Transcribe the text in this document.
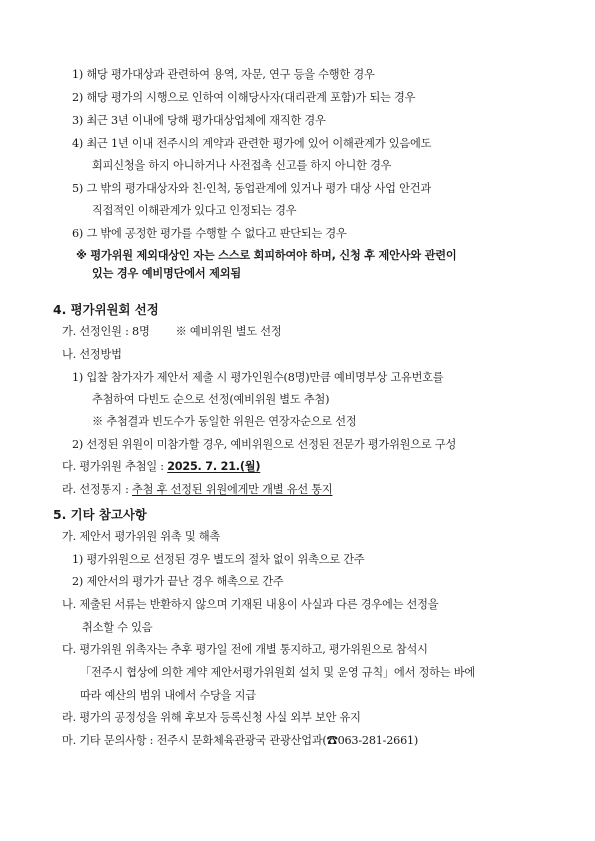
1) 해당 평가대상과 관련하여 용역, 자문, 연구 등을 수행한 경우
2) 해당 평가의 시행으로 인하여 이해당사자(대리관계 포함)가 되는 경우
3) 최근 3년 이내에 당해 평가대상업체에 재직한 경우
4) 최근 1년 이내 전주시의 계약과 관련한 평가에 있어 이해관계가 있음에도
회피신청을 하지 아니하거나 사전접촉 신고를 하지 아니한 경우
5) 그 밖의 평가대상자와 친·인척, 동업관계에 있거나 평가 대상 사업 안건과
직접적인 이해관계가 있다고 인정되는 경우
6) 그 밖에 공정한 평가를 수행할 수 없다고 판단되는 경우
※ 평가위원 제외대상인 자는 스스로 회피하여야 하며, 신청 후 제안사와 관련이
있는 경우 예비명단에서 제외됨
4. 평가위원회 선정
가. 선정인원 : 8명 ※ 예비위원 별도 선정
나. 선정방법
1) 입찰 참가자가 제안서 제출 시 평가인원수(8명)만큼 예비명부상 고유번호를
추첨하여 다빈도 순으로 선정(예비위원 별도 추첨)
※ 추첨결과 빈도수가 동일한 위원은 연장자순으로 선정
2) 선정된 위원이 미참가할 경우, 예비위원으로 선정된 전문가 평가위원으로 구성
다. 평가위원 추첨일 : 2025. 7. 21.(월)
라. 선정통지 : 추첨 후 선정된 위원에게만 개별 유선 통지
5. 기타 참고사항
가. 제안서 평가위원 위촉 및 해촉
1) 평가위원으로 선정된 경우 별도의 절차 없이 위촉으로 간주
2) 제안서의 평가가 끝난 경우 해촉으로 간주
나. 제출된 서류는 반환하지 않으며 기재된 내용이 사실과 다른 경우에는 선정을
취소할 수 있음
다. 평가위원 위촉자는 추후 평가일 전에 개별 통지하고, 평가위원으로 참석시
「전주시 협상에 의한 계약 제안서평가위원회 설치 및 운영 규칙」에서 정하는 바에
따라 예산의 범위 내에서 수당을 지급
라. 평가의 공정성을 위해 후보자 등록신청 사실 외부 보안 유지
마. 기타 문의사항 : 전주시 문화체육관광국 관광산업과(☎063-281-2661)
